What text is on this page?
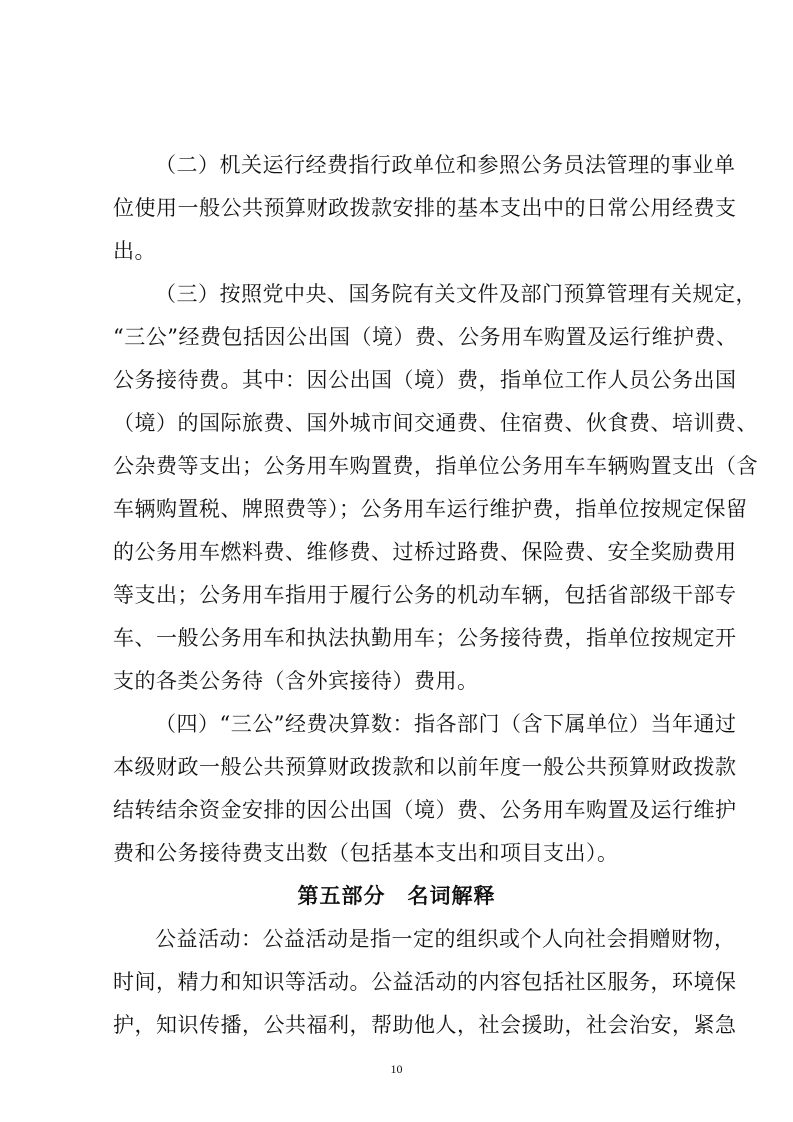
（二）机关运行经费指行政单位和参照公务员法管理的事业单
位使用一般公共预算财政拨款安排的基本支出中的日常公用经费支
出。
（三）按照党中央、国务院有关文件及部门预算管理有关规定，
“三公”经费包括因公出国（境）费、公务用车购置及运行维护费、
公务接待费。其中：因公出国（境）费，指单位工作人员公务出国
（境）的国际旅费、国外城市间交通费、住宿费、伙食费、培训费、
公杂费等支出；公务用车购置费，指单位公务用车车辆购置支出（含
车辆购置税、牌照费等）；公务用车运行维护费，指单位按规定保留
的公务用车燃料费、维修费、过桥过路费、保险费、安全奖励费用
等支出；公务用车指用于履行公务的机动车辆，包括省部级干部专
车、一般公务用车和执法执勤用车；公务接待费，指单位按规定开
支的各类公务待（含外宾接待）费用。
（四）“三公”经费决算数：指各部门（含下属单位）当年通过
本级财政一般公共预算财政拨款和以前年度一般公共预算财政拨款
结转结余资金安排的因公出国（境）费、公务用车购置及运行维护
费和公务接待费支出数（包括基本支出和项目支出）。
第五部分　名词解释
公益活动：公益活动是指一定的组织或个人向社会捐赠财物，
时间，精力和知识等活动。公益活动的内容包括社区服务，环境保
护，知识传播，公共福利，帮助他人，社会援助，社会治安，紧急
10
